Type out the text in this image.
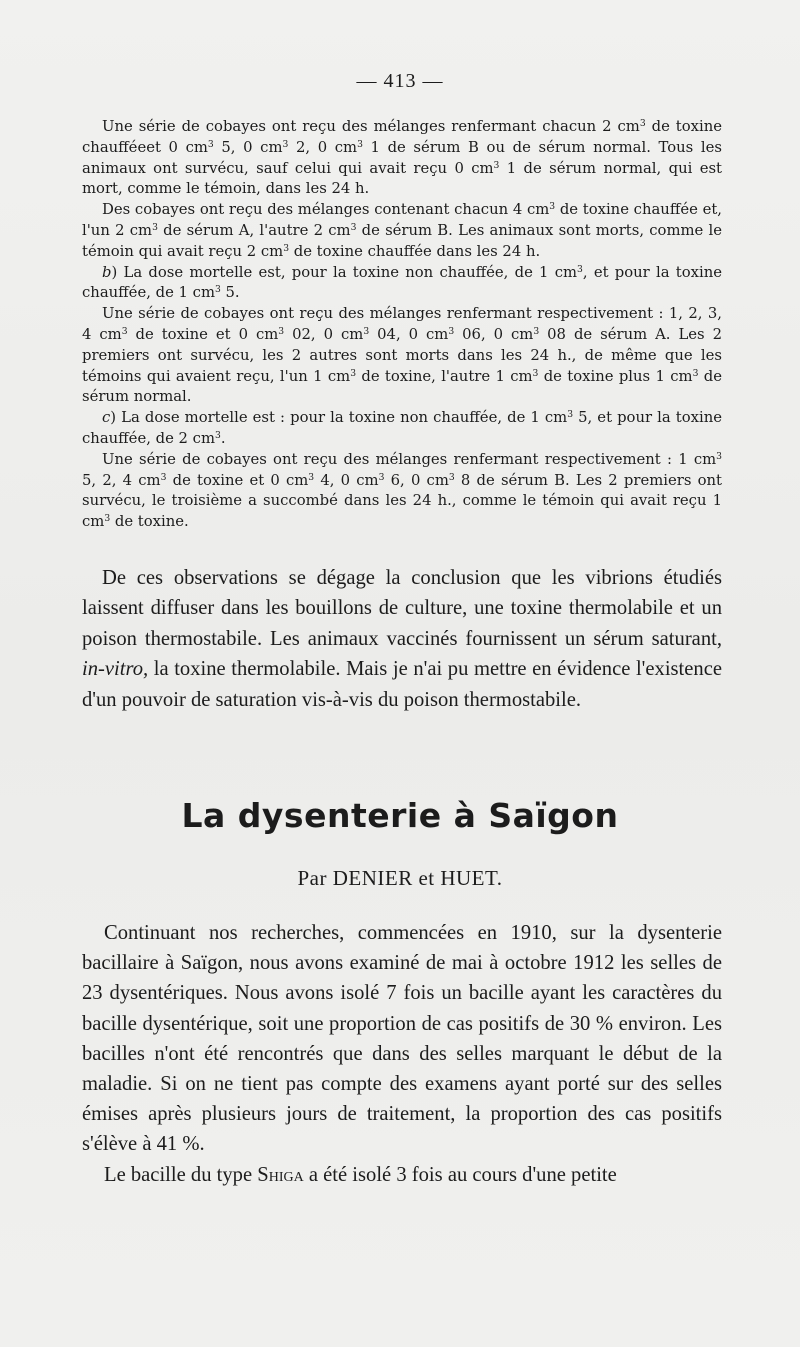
— 413 —

Une série de cobayes ont reçu des mélanges renfermant chacun 2 $cm^3$ de toxine chaufféeet 0 $cm^3$ 5, 0 $cm^3$ 2, 0 $cm^3$ 1 de sérum B ou de sérum normal. Tous les animaux ont survécu, sauf celui qui avait reçu 0 $cm^3$ 1 de sérum normal, qui est mort, comme le témoin, dans les 24 h.

Des cobayes ont reçu des mélanges contenant chacun 4 $cm^3$ de toxine chauffée et, l'un 2 $cm^3$ de sérum A, l'autre 2 $cm^3$ de sérum B. Les animaux sont morts, comme le témoin qui avait reçu 2 $cm^3$ de toxine chauffée dans les 24 h.

b) La dose mortelle est, pour la toxine non chauffée, de 1 $cm^3$, et pour la toxine chauffée, de 1 $cm^3$ 5.

Une série de cobayes ont reçu des mélanges renfermant respectivement : 1, 2, 3, 4 $cm^3$ de toxine et 0 $cm^3$ 02, 0 $cm^3$ 04, 0 $cm^3$ 06, 0 $cm^3$ 08 de sérum A. Les 2 premiers ont survécu, les 2 autres sont morts dans les 24 h., de même que les témoins qui avaient reçu, l'un 1 $cm^3$ de toxine, l'autre 1 $cm^3$ de toxine plus 1 $cm^3$ de sérum normal.

c) La dose mortelle est : pour la toxine non chauffée, de 1 $cm^3$ 5, et pour la toxine chauffée, de 2 $cm^3$.

Une série de cobayes ont reçu des mélanges renfermant respectivement : 1 $cm^3$ 5, 2, 4 $cm^3$ de toxine et 0 $cm^3$ 4, 0 $cm^3$ 6, 0 $cm^3$ 8 de sérum B. Les 2 premiers ont survécu, le troisième a succombé dans les 24 h., comme le témoin qui avait reçu 1 $cm^3$ de toxine.

De ces observations se dégage la conclusion que les vibrions étudiés laissent diffuser dans les bouillons de culture, une toxine thermolabile et un poison thermostabile. Les animaux vaccinés fournissent un sérum saturant, in-vitro, la toxine thermolabile. Mais je n'ai pu mettre en évidence l'existence d'un pouvoir de saturation vis-à-vis du poison thermostabile.

La dysenterie à Saïgon

Par DENIER et HUET.

Continuant nos recherches, commencées en 1910, sur la dysenterie bacillaire à Saïgon, nous avons examiné de mai à octobre 1912 les selles de 23 dysentériques. Nous avons isolé 7 fois un bacille ayant les caractères du bacille dysentérique, soit une proportion de cas positifs de 30 % environ. Les bacilles n'ont été rencontrés que dans des selles marquant le début de la maladie. Si on ne tient pas compte des examens ayant porté sur des selles émises après plusieurs jours de traitement, la proportion des cas positifs s'élève à 41 %.

Le bacille du type Shiga a été isolé 3 fois au cours d'une petite
